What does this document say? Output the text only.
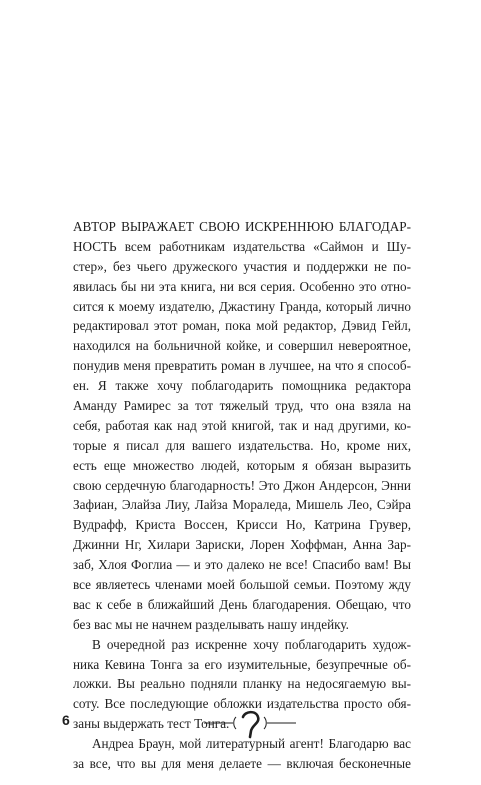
АВТОР ВЫРАЖАЕТ СВОЮ ИСКРЕННЮЮ БЛАГОДАР-
НОСТЬ всем работникам издательства «Саймон и Шу-
стер», без чьего дружеского участия и поддержки не по-
явилась бы ни эта книга, ни вся серия. Особенно это отно-
сится к моему издателю, Джастину Гранда, который лично
редактировал этот роман, пока мой редактор, Дэвид Гейл,
находился на больничной койке, и совершил невероятное,
понудив меня превратить роман в лучшее, на что я способ-
ен. Я также хочу поблагодарить помощника редактора
Аманду Рамирес за тот тяжелый труд, что она взяла на
себя, работая как над этой книгой, так и над другими, ко-
торые я писал для вашего издательства. Но, кроме них,
есть еще множество людей, которым я обязан выразить
свою сердечную благодарность! Это Джон Андерсон, Энни
Зафиан, Элайза Лиу, Лайза Мораледа, Мишель Лео, Сэйра
Вудрафф, Криста Воссен, Крисси Но, Катрина Грувер,
Джинни Нг, Хилари Зариски, Лорен Хоффман, Анна Зар-
заб, Хлоя Фоглиа — и это далеко не все! Спасибо вам! Вы
все являетесь членами моей большой семьи. Поэтому жду
вас к себе в ближайший День благодарения. Обещаю, что
без вас мы не начнем разделывать нашу индейку.
В очередной раз искренне хочу поблагодарить худож-
ника Кевина Тонга за его изумительные, безупречные об-
ложки. Вы реально подняли планку на недосягаемую вы-
соту. Все последующие обложки издательства просто обя-
заны выдержать тест Тонга.
Андреа Браун, мой литературный агент! Благодарю вас
за все, что вы для меня делаете — включая бесконечные
6
